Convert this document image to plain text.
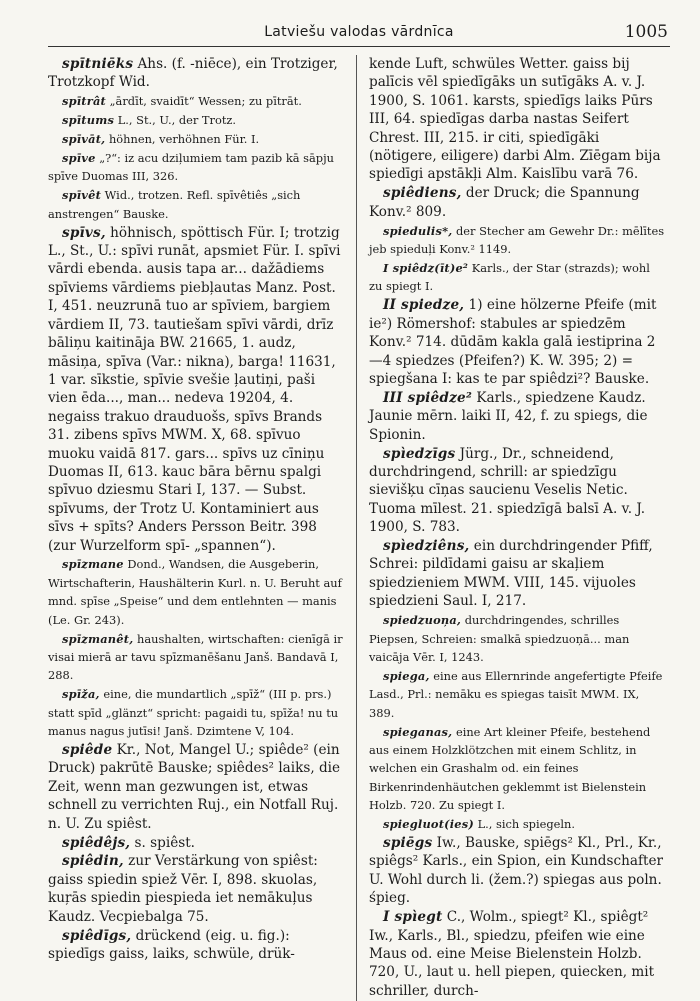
Latviešu valodas vārdnīca	1005

spītniēks Ahs. (f. -niēce), ein Trotziger, Trotzkopf Wid.

spītrât „ārdīt, svaidīt“ Wessen; zu pītrāt.

spītums L., St., U., der Trotz.

spīvāt, höhnen, verhöhnen Für. I.

spīve „?“: iz acu dziļumiem tam pazib kā sāpju spīve Duomas III, 326.

spīvêt Wid., trotzen. Refl. spīvêtiês „sich anstrengen“ Bauske.

spīvs, höhnisch, spöttisch Für. I; trotzig L., St., U.: spīvi runāt, apsmiet Für. I. spīvi vārdi ebenda. ausis tapa ar... dažādiems spīviems vārdiems piebļautas Manz. Post. I, 451. neuzrunā tuo ar spīviem, bargiem vārdiem II, 73. tautiešam spīvi vārdi, drīz bāliņu kaitināja BW. 21665, 1. audz, māsiņa, spīva (Var.: nikna), barga! 11631, 1 var. sīkstie, spīvie svešie ļautiņi, paši vien ēda..., man... nedeva 19204, 4. negaiss trakuo drauduošs, spīvs Brands 31. zibens spīvs MWM. X, 68. spīvuo muoku vaidā 817. gars... spīvs uz cīniņu Duomas II, 613. kauc bāra bērnu spalgi spīvuo dziesmu Stari I, 137. — Subst. spīvums, der Trotz U. Kontaminiert aus sīvs + spīts? Anders Persson Beitr. 398 (zur Wurzelform spī- „spannen“).

spīzmane Dond., Wandsen, die Ausgeberin, Wirtschafterin, Haushälterin Kurl. n. U. Beruht auf mnd. spīse „Speise“ und dem entlehnten — manis (Le. Gr. 243).

spīzmanêt, haushalten, wirtschaften: cienīgā ir visai mierā ar tavu spīzmanēšanu Janš. Bandavā I, 288.

spīža, eine, die mundartlich „spīž“ (III p. prs.) statt spīd „glänzt“ spricht: pagaidi tu, spīža! nu tu manus nagus jutīsi! Janš. Dzimtene V, 104.

spiêde Kr., Not, Mangel U.; spiêde² (ein Druck) pakrūtē Bauske; spiêdes² laiks, die Zeit, wenn man gezwungen ist, etwas schnell zu verrichten Ruj., ein Notfall Ruj. n. U. Zu spiêst.

spiêdêjs, s. spiêst.

spiêdin, zur Verstärkung von spiêst: gaiss spiedin spiež Vēr. I, 898. skuolas, kuŗās spiedin piespieda iet nemākuļus Kaudz. Vecpiebalga 75.

spiêdīgs, drückend (eig. u. fig.): spiedīgs gaiss, laiks, schwüle, drük-

kende Luft, schwüles Wetter. gaiss bij palīcis vēl spiedīgāks un sutīgāks A. v. J. 1900, S. 1061. karsts, spiedīgs laiks Pūrs III, 64. spiedīgas darba nastas Seifert Chrest. III, 215. ir citi, spiedīgāki (nötigere, eiligere) darbi Alm. Zīēgam bija spiedīgi apstākļi Alm. Kaislību varā 76.

spiêdiens, der Druck; die Spannung Konv.² 809.

spiedulis*, der Stecher am Gewehr Dr.: mēlītes jeb spieduļi Konv.² 1149.

I spiêdz(īt)e² Karls., der Star (strazds); wohl zu spiegt I.

II spiedze, 1) eine hölzerne Pfeife (mit ie²) Römershof: stabules ar spiedzēm Konv.² 714. dūdām kakla galā iestiprina 2—4 spiedzes (Pfeifen?) K. W. 395; 2) = spiegšana I: kas te par spiêdzi²? Bauske.

III spiêdze² Karls., spiedzene Kaudz. Jaunie mērn. laiki II, 42, f. zu spiegs, die Spionin.

spìedzīgs Jürg., Dr., schneidend, durchdringend, schrill: ar spiedzīgu sievišķu cīņas saucienu Veselis Netic. Tuoma mīlest. 21. spiedzīgā balsī A. v. J. 1900, S. 783.

spìedziêns, ein durchdringender Pfiff, Schrei: pildīdami gaisu ar skaļiem spiedzieniem MWM. VIII, 145. vijuoles spiedzieni Saul. I, 217.

spiedzuoņa, durchdringendes, schrilles Piepsen, Schreien: smalkā spiedzuoņā... man vaicāja Vēr. I, 1243.

spiega, eine aus Ellernrinde angefertigte Pfeife Lasd., Prl.: nemāku es spiegas taisīt MWM. IX, 389.

spieganas, eine Art kleiner Pfeife, bestehend aus einem Holzklötzchen mit einem Schlitz, in welchen ein Grashalm od. ein feines Birkenrindenhäutchen geklemmt ist Bielenstein Holzb. 720. Zu spiegt I.

spiegluot(ies) L., sich spiegeln.

spiēgs Iw., Bauske, spiēgs² Kl., Prl., Kr., spiêgs² Karls., ein Spion, ein Kundschafter U. Wohl durch li. (žem.?) spiegas aus poln. śpieg.

I spìegt C., Wolm., spiegt² Kl., spiêgt² Iw., Karls., Bl., spiedzu, pfeifen wie eine Maus od. eine Meise Bielenstein Holzb. 720, U., laut u. hell piepen, quiecken, mit schriller, durch-
